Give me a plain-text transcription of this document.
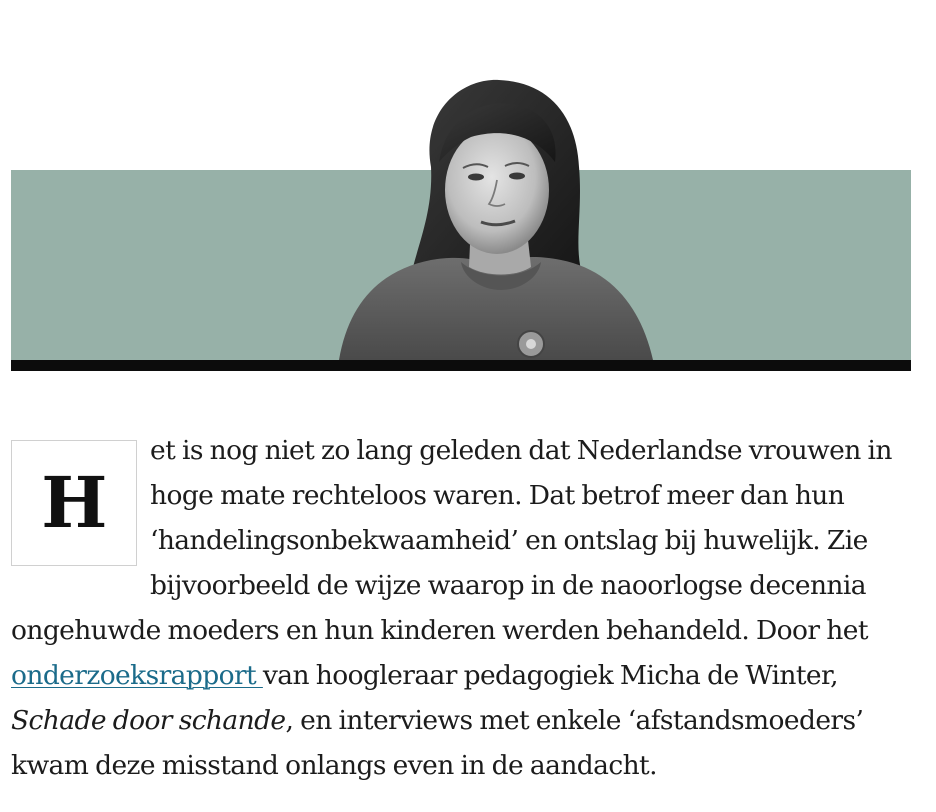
H
et is nog niet zo lang geleden dat Nederlandse vrouwen in hoge mate rechteloos waren. Dat betrof meer dan hun ‘handelingsonbekwaamheid’ en ontslag bij huwelijk. Zie bijvoorbeeld de wijze waarop in de naoorlogse decennia ongehuwde moeders en hun kinderen werden behandeld. Door het onderzoeksrapport van hoogleraar pedagogiek Micha de Winter, Schade door schande, en interviews met enkele ‘afstandsmoeders’ kwam deze misstand onlangs even in de aandacht.
